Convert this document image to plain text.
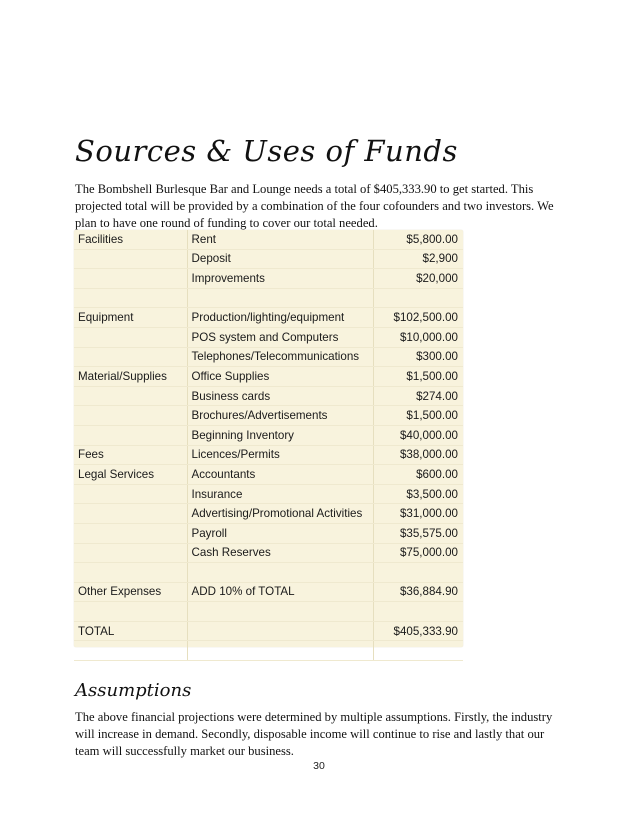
Sources & Uses of Funds

The Bombshell Burlesque Bar and Lounge needs a total of $405,333.90 to get started. This projected total will be provided by a combination of the four cofounders and two investors. We plan to have one round of funding to cover our total needed.

Facilities	Rent	$5,800.00
	Deposit	$2,900
	Improvements	$20,000

Equipment	Production/lighting/equipment	$102,500.00
	POS system and Computers	$10,000.00
	Telephones/Telecommunications	$300.00
Material/Supplies	Office Supplies	$1,500.00
	Business cards	$274.00
	Brochures/Advertisements	$1,500.00
	Beginning Inventory	$40,000.00
Fees	Licences/Permits	$38,000.00
Legal Services	Accountants	$600.00
	Insurance	$3,500.00
	Advertising/Promotional Activities	$31,000.00
	Payroll	$35,575.00
	Cash Reserves	$75,000.00

Other Expenses	ADD 10% of TOTAL	$36,884.90

TOTAL		$405,333.90

Assumptions

The above financial projections were determined by multiple assumptions. Firstly, the industry will increase in demand. Secondly, disposable income will continue to rise and lastly that our team will successfully market our business.

30
